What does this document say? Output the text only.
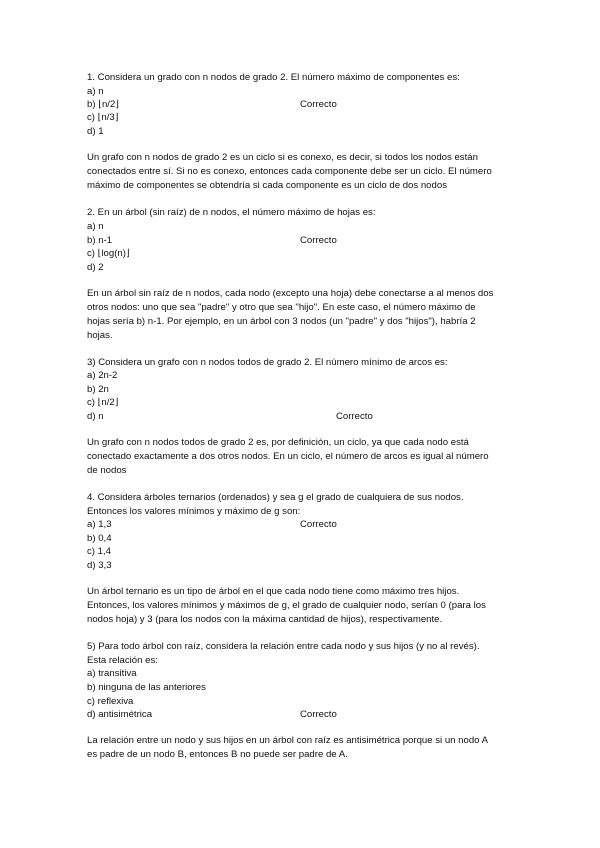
1. Considera un grado con n nodos de grado 2. El número máximo de componentes es:
a) n
b) ⌊n/2⌋	Correcto
c) ⌊n/3⌋
d) 1
Un grafo con n nodos de grado 2 es un ciclo si es conexo, es decir, si todos los nodos están
conectados entre sí. Si no es conexo, entonces cada componente debe ser un ciclo. El número
máximo de componentes se obtendría si cada componente es un ciclo de dos nodos
2. En un árbol (sin raíz) de n nodos, el número máximo de hojas es:
a) n
b) n-1	Correcto
c) ⌊log(n)⌋
d) 2
En un árbol sin raíz de n nodos, cada nodo (excepto una hoja) debe conectarse a al menos dos
otros nodos: uno que sea "padre" y otro que sea "hijo". En este caso, el número máximo de
hojas sería b) n-1. Por ejemplo, en un árbol con 3 nodos (un "padre" y dos "hijos"), habría 2
hojas.
3) Considera un grafo con n nodos todos de grado 2. El número mínimo de arcos es:
a) 2n-2
b) 2n
c) ⌊n/2⌋
d) n	Correcto
Un grafo con n nodos todos de grado 2 es, por definición, un ciclo, ya que cada nodo está
conectado exactamente a dos otros nodos. En un ciclo, el número de arcos es igual al número
de nodos
4. Considera árboles ternarios (ordenados) y sea g el grado de cualquiera de sus nodos.
Entonces los valores mínimos y máximo de g son:
a) 1,3	Correcto
b) 0,4
c) 1,4
d) 3,3
Un árbol ternario es un tipo de árbol en el que cada nodo tiene como máximo tres hijos.
Entonces, los valores mínimos y máximos de g, el grado de cualquier nodo, serían 0 (para los
nodos hoja) y 3 (para los nodos con la máxima cantidad de hijos), respectivamente.
5) Para todo árbol con raíz, considera la relación entre cada nodo y sus hijos (y no al revés).
Esta relación es:
a) transitiva
b) ninguna de las anteriores
c) reflexiva
d) antisimétrica	Correcto
La relación entre un nodo y sus hijos en un árbol con raíz es antisimétrica porque si un nodo A
es padre de un nodo B, entonces B no puede ser padre de A.
